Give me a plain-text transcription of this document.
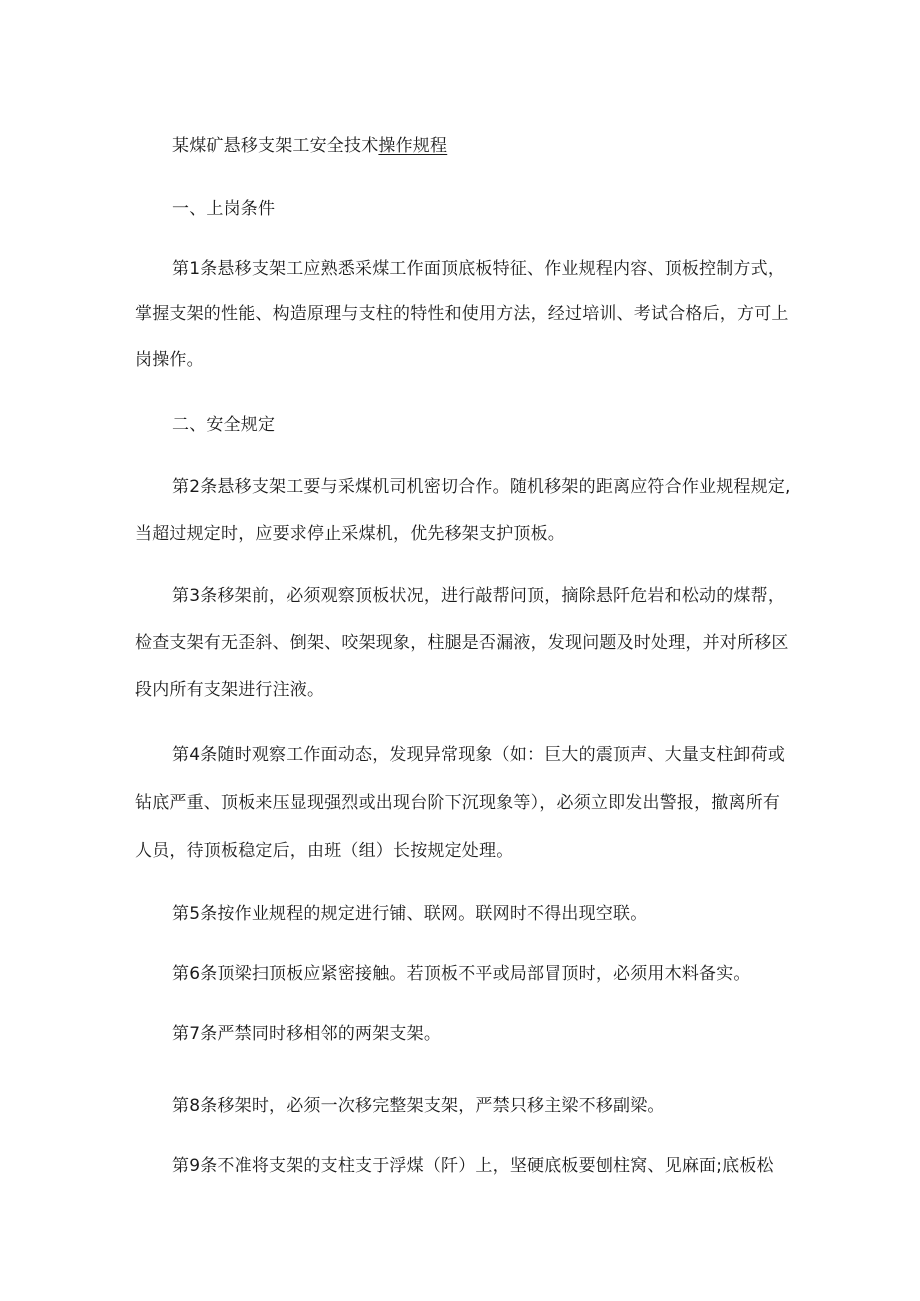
某煤矿悬移支架工安全技术操作规程

一、上岗条件

第1条悬移支架工应熟悉采煤工作面顶底板特征、作业规程内容、顶板控制方式，

掌握支架的性能、构造原理与支柱的特性和使用方法，经过培训、考试合格后，方可上

岗操作。

二、安全规定

第2条悬移支架工要与采煤机司机密切合作。随机移架的距离应符合作业规程规定,

当超过规定时，应要求停止采煤机，优先移架支护顶板。

第3条移架前，必须观察顶板状况，进行敲帮问顶，摘除悬阡危岩和松动的煤帮，

检查支架有无歪斜、倒架、咬架现象，柱腿是否漏液，发现问题及时处理，并对所移区

段内所有支架进行注液。

第4条随时观察工作面动态，发现异常现象（如：巨大的震顶声、大量支柱卸荷或

钻底严重、顶板来压显现强烈或出现台阶下沉现象等），必须立即发出警报，撤离所有

人员，待顶板稳定后，由班（组）长按规定处理。

第5条按作业规程的规定进行铺、联网。联网时不得出现空联。

第6条顶梁扫顶板应紧密接触。若顶板不平或局部冒顶时，必须用木料备实。

第7条严禁同时移相邻的两架支架。

第8条移架时，必须一次移完整架支架，严禁只移主梁不移副梁。

第9条不准将支架的支柱支于浮煤（阡）上，坚硬底板要刨柱窝、见麻面;底板松
